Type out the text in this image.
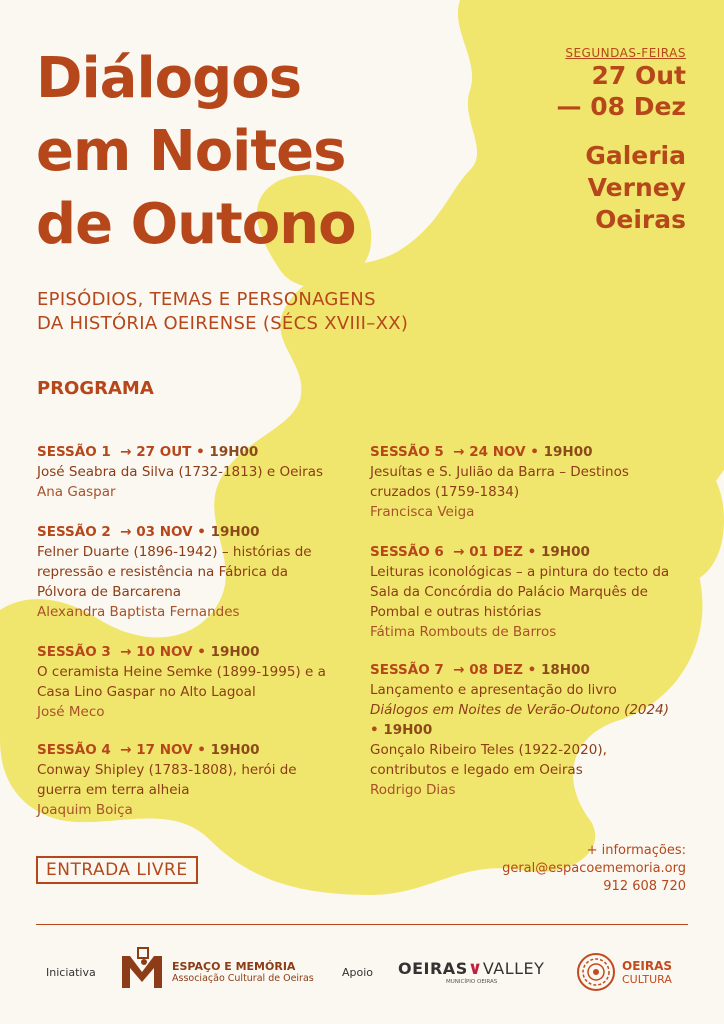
Diálogos
em Noites
de Outono
SEGUNDAS-FEIRAS
27 Out
— 08 Dez
Galeria
Verney
Oeiras
EPISÓDIOS, TEMAS E PERSONAGENS
DA HISTÓRIA OEIRENSE (SÉCS XVIII–XX)
PROGRAMA
SESSÃO 1 → 27 OUT • 19H00
José Seabra da Silva (1732-1813) e Oeiras
Ana Gaspar
SESSÃO 2 → 03 NOV • 19H00
Felner Duarte (1896-1942) – histórias de repressão e resistência na Fábrica da Pólvora de Barcarena
Alexandra Baptista Fernandes
SESSÃO 3 → 10 NOV • 19H00
O ceramista Heine Semke (1899-1995) e a Casa Lino Gaspar no Alto Lagoal
José Meco
SESSÃO 4 → 17 NOV • 19H00
Conway Shipley (1783-1808), herói de guerra em terra alheia
Joaquim Boiça
SESSÃO 5 → 24 NOV • 19H00
Jesuítas e S. Julião da Barra – Destinos cruzados (1759-1834)
Francisca Veiga
SESSÃO 6 → 01 DEZ • 19H00
Leituras iconológicas – a pintura do tecto da Sala da Concórdia do Palácio Marquês de Pombal e outras histórias
Fátima Rombouts de Barros
SESSÃO 7 → 08 DEZ • 18H00
Lançamento e apresentação do livro Diálogos em Noites de Verão-Outono (2024)
• 19H00
Gonçalo Ribeiro Teles (1922-2020), contributos e legado em Oeiras
Rodrigo Dias
ENTRADA LIVRE
+ informações:
geral@espacoememoria.org
912 608 720
Iniciativa	ESPAÇO E MEMÓRIA
Associação Cultural de Oeiras	Apoio OEIRAS∨VALLEY
MUNICÍPIO OEIRAS
OEIRAS
CULTURA
